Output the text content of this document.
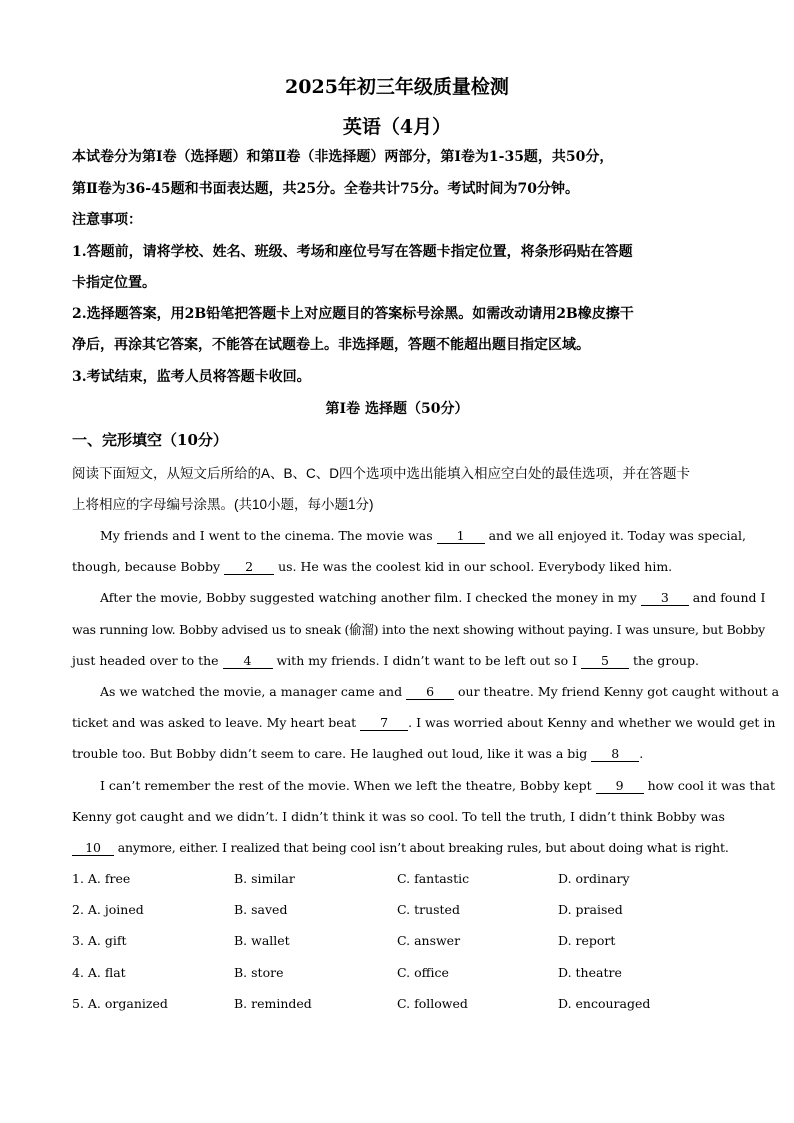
2025年初三年级质量检测
英语（4月）
本试卷分为第Ⅰ卷（选择题）和第Ⅱ卷（非选择题）两部分，第Ⅰ卷为1-35题，共50分，
第Ⅱ卷为36-45题和书面表达题，共25分。全卷共计75分。考试时间为70分钟。
注意事项：
1.答题前，请将学校、姓名、班级、考场和座位号写在答题卡指定位置，将条形码贴在答题
卡指定位置。
2.选择题答案，用2B铅笔把答题卡上对应题目的答案标号涂黑。如需改动请用2B橡皮擦干
净后，再涂其它答案，不能答在试题卷上。非选择题，答题不能超出题目指定区域。
3.考试结束，监考人员将答题卡收回。
第Ⅰ卷 选择题（50分）
一、完形填空（10分）
阅读下面短文，从短文后所给的A、B、C、D四个选项中选出能填入相应空白处的最佳选项，并在答题卡
上将相应的字母编号涂黑。(共10小题，每小题1分)
My friends and I went to the cinema. The movie was 1 and we all enjoyed it. Today was special,
though, because Bobby 2 us. He was the coolest kid in our school. Everybody liked him.
After the movie, Bobby suggested watching another film. I checked the money in my 3 and found I
was running low. Bobby advised us to sneak (偷溜) into the next showing without paying. I was unsure, but Bobby
just headed over to the 4 with my friends. I didn’t want to be left out so I 5 the group.
As we watched the movie, a manager came and 6 our theatre. My friend Kenny got caught without a
ticket and was asked to leave. My heart beat 7 . I was worried about Kenny and whether we would get in
trouble too. But Bobby didn’t seem to care. He laughed out loud, like it was a big 8 .
I can’t remember the rest of the movie. When we left the theatre, Bobby kept 9 how cool it was that
Kenny got caught and we didn’t. I didn’t think it was so cool. To tell the truth, I didn’t think Bobby was
10 anymore, either. I realized that being cool isn’t about breaking rules, but about doing what is right.
1. A. free	B. similar	C. fantastic	D. ordinary
2. A. joined	B. saved	C. trusted	D. praised
3. A. gift	B. wallet	C. answer	D. report
4. A. flat	B. store	C. office	D. theatre
5. A. organized	B. reminded	C. followed	D. encouraged
